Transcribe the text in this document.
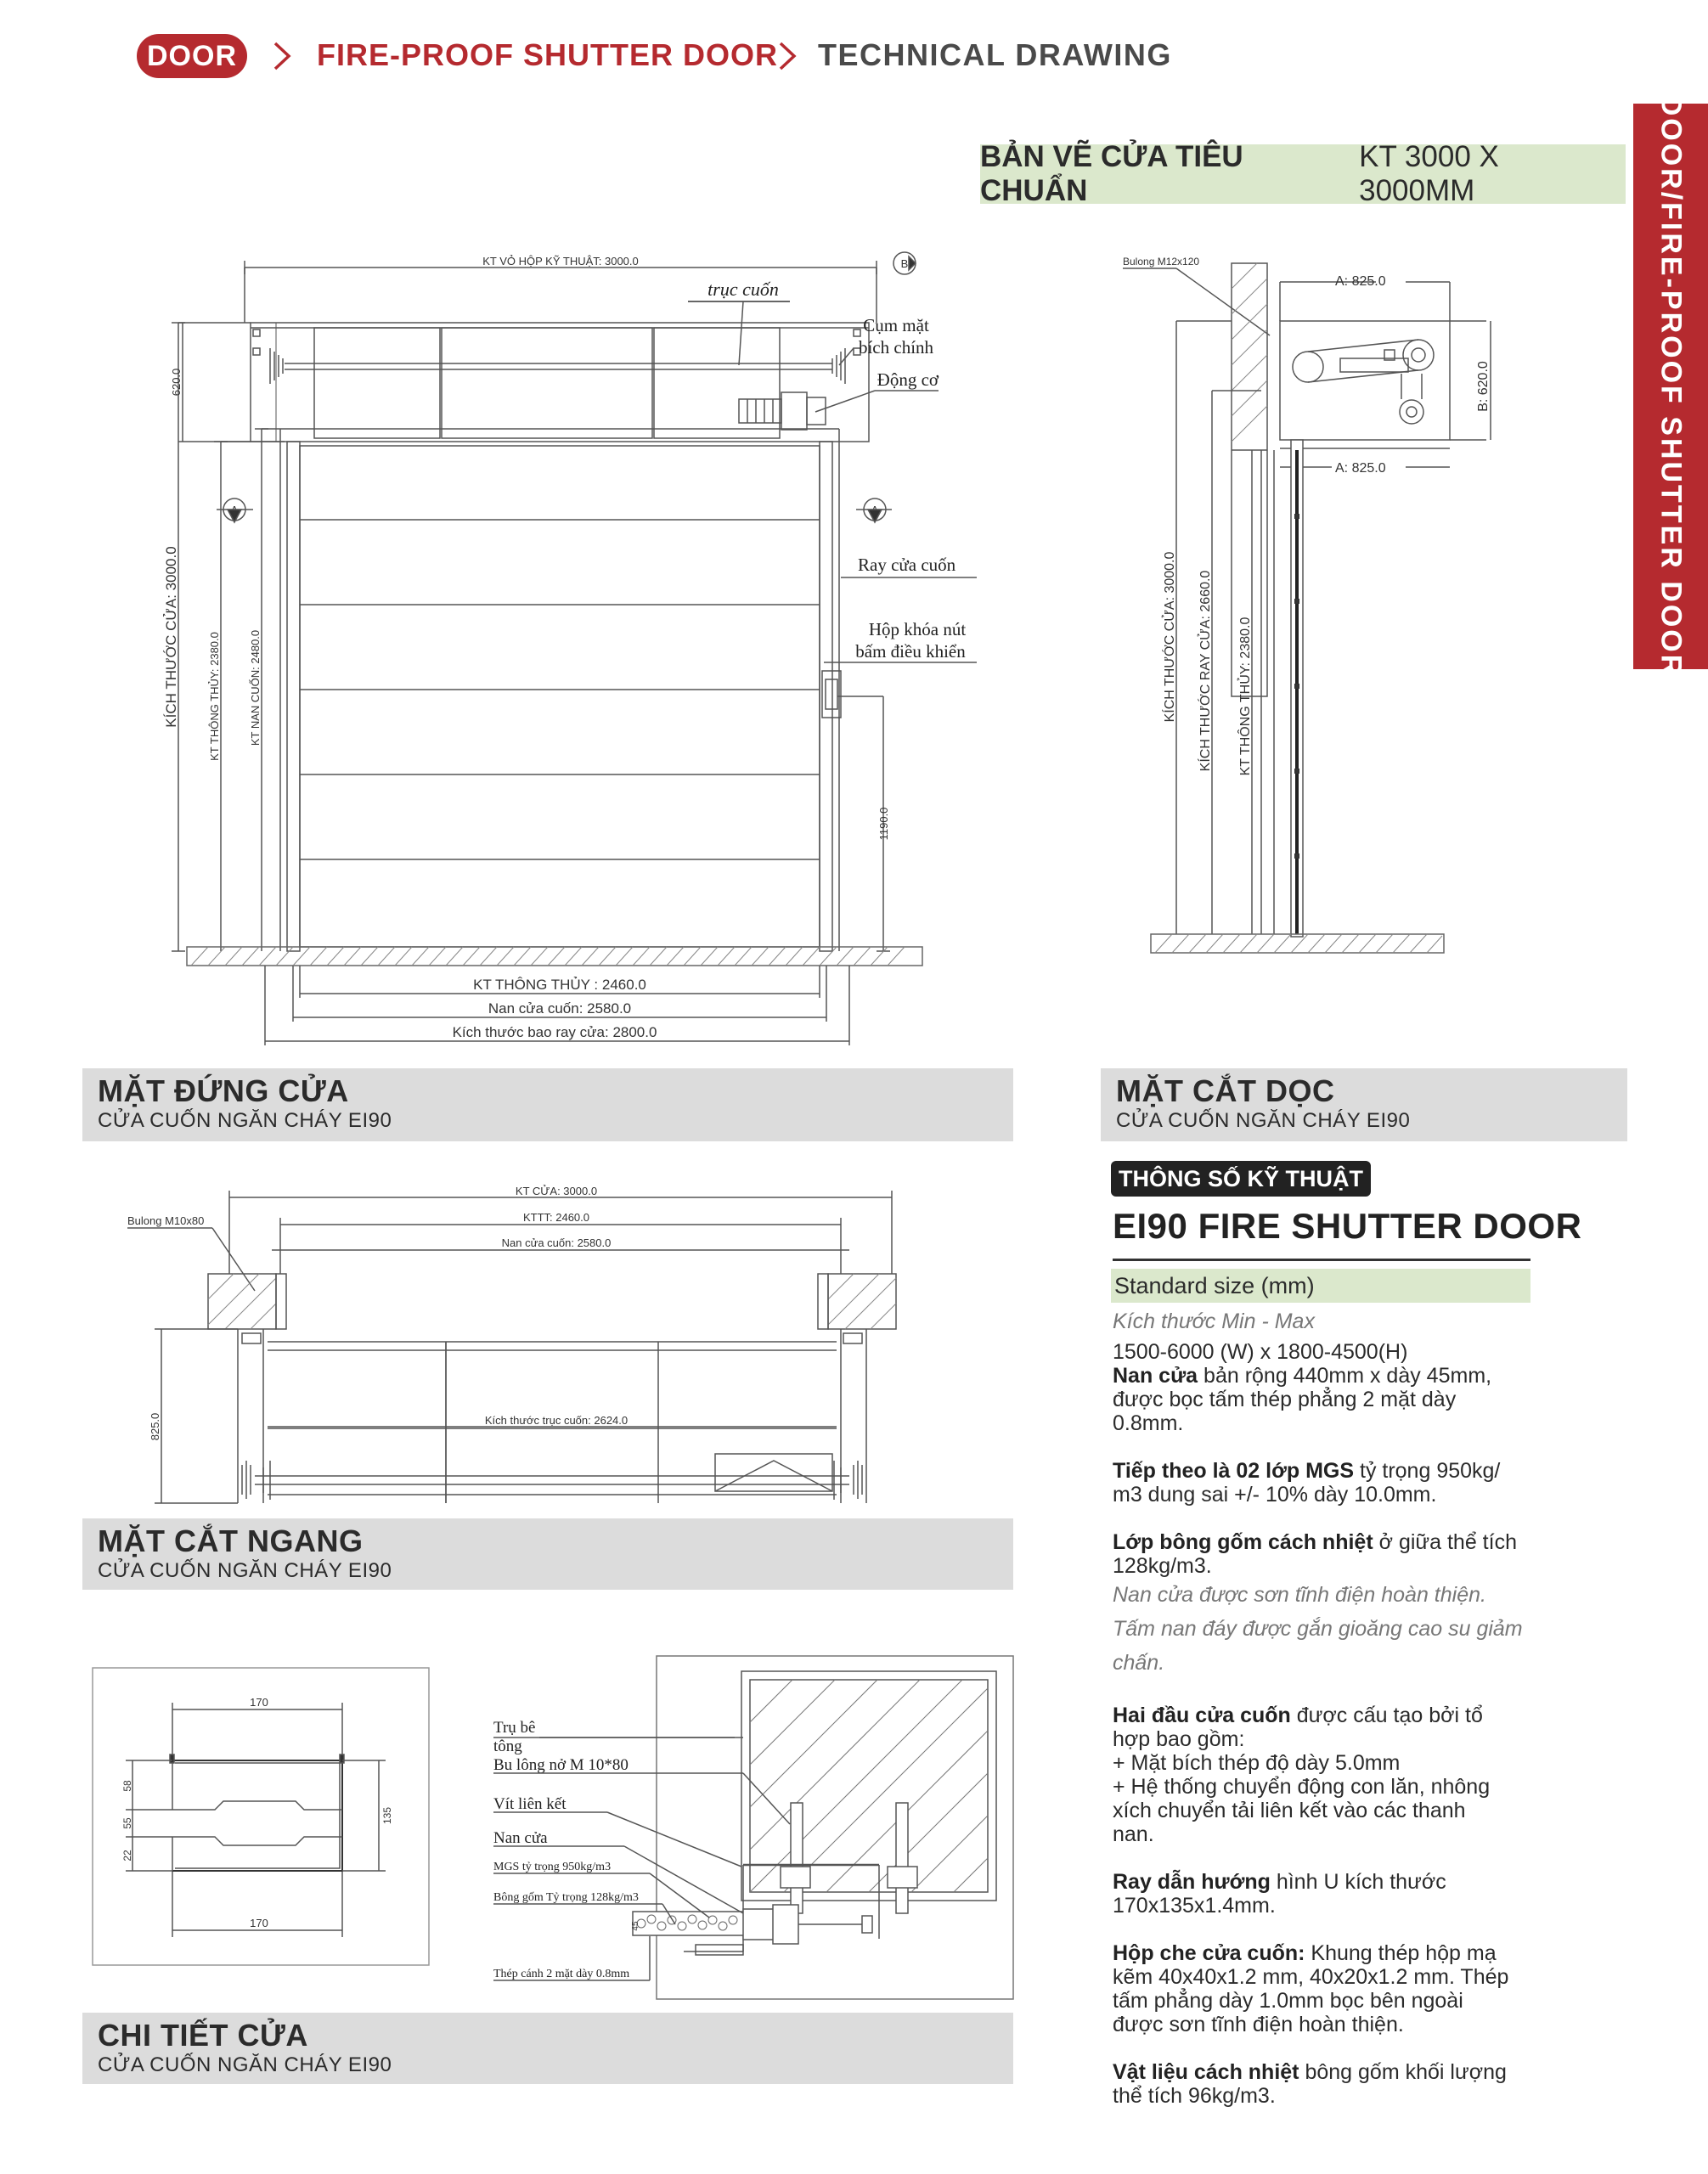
DOOR	FIRE-PROOF SHUTTER DOOR TECHNICAL DRAWING
DOOR/FIRE-PROOF SHUTTER DOOR
BẢN VẼ CỬA TIÊU CHUẨN
KT 3000 X 3000MM
KT VỎ HỘP KỸ THUẬT: 3000.0	B
trục cuốn
Cụm mặt
bích chính
Động cơ
KÍCH THƯỚC CỬA: 3000.0
620.0
KT THÔNG THỦY: 2380.0	KT NAN CUỐN: 2480.0
A	A
Ray cửa cuốn
1190.0
Hộp khóa nút
bấm điều khiển
KT THÔNG THỦY : 2460.0
Nan cửa cuốn: 2580.0
Kích thước bao ray cửa: 2800.0
Bulong M12x120
A: 825.0
A: 825.0
B: 620.0
KÍCH THƯỚC CỬA: 3000.0 KÍCH THƯỚC RAY CỬA: 2660.0 KT THÔNG THỦY: 2380.0
MẶT ĐỨNG CỬA
CỬA CUỐN NGĂN CHÁY EI90
MẶT CẮT DỌC
CỬA CUỐN NGĂN CHÁY EI90
KT CỬA: 3000.0
KTTT: 2460.0
Nan cửa cuốn: 2580.0
Bulong M10x80
825.0	Kích thước trục cuốn: 2624.0
MẶT CẮT NGANG
CỬA CUỐN NGĂN CHÁY EI90
170
170
58
55
22
135
45
Trụ bê
tông
Bu lông nở M 10*80
Vít liên kết
Nan cửa
MGS tỷ trọng 950kg/m3
Bông gốm Tỷ trọng 128kg/m3
Thép cánh 2 mặt dày 0.8mm
CHI TIẾT CỬA
CỬA CUỐN NGĂN CHÁY EI90
THÔNG SỐ KỸ THUẬT
EI90 FIRE SHUTTER DOOR
Standard size (mm)

Kích thước Min - Max

1500-6000 (W) x 1800-4500(H)

Nan cửa bản rộng 440mm x dày 45mm,

được bọc tấm thép phẳng 2 mặt dày

0.8mm.

Tiếp theo là 02 lớp MGS tỷ trọng 950kg/

m3 dung sai +/- 10% dày 10.0mm.

Lớp bông gốm cách nhiệt ở giữa thể tích

128kg/m3.

Nan cửa được sơn tĩnh điện hoàn thiện.

Tấm nan đáy được gắn gioăng cao su giảm

chấn.

Hai đầu cửa cuốn được cấu tạo bởi tổ

hợp bao gồm:

+ Mặt bích thép độ dày 5.0mm

+ Hệ thống chuyển động con lăn, nhông

xích chuyển tải liên kết vào các thanh

nan.

Ray dẫn hướng hình U kích thước

170x135x1.4mm.

Hộp che cửa cuốn: Khung thép hộp mạ

kẽm 40x40x1.2 mm, 40x20x1.2 mm. Thép

tấm phẳng dày 1.0mm bọc bên ngoài

được sơn tĩnh điện hoàn thiện.

Vật liệu cách nhiệt bông gốm khối lượng

thể tích 96kg/m3.
